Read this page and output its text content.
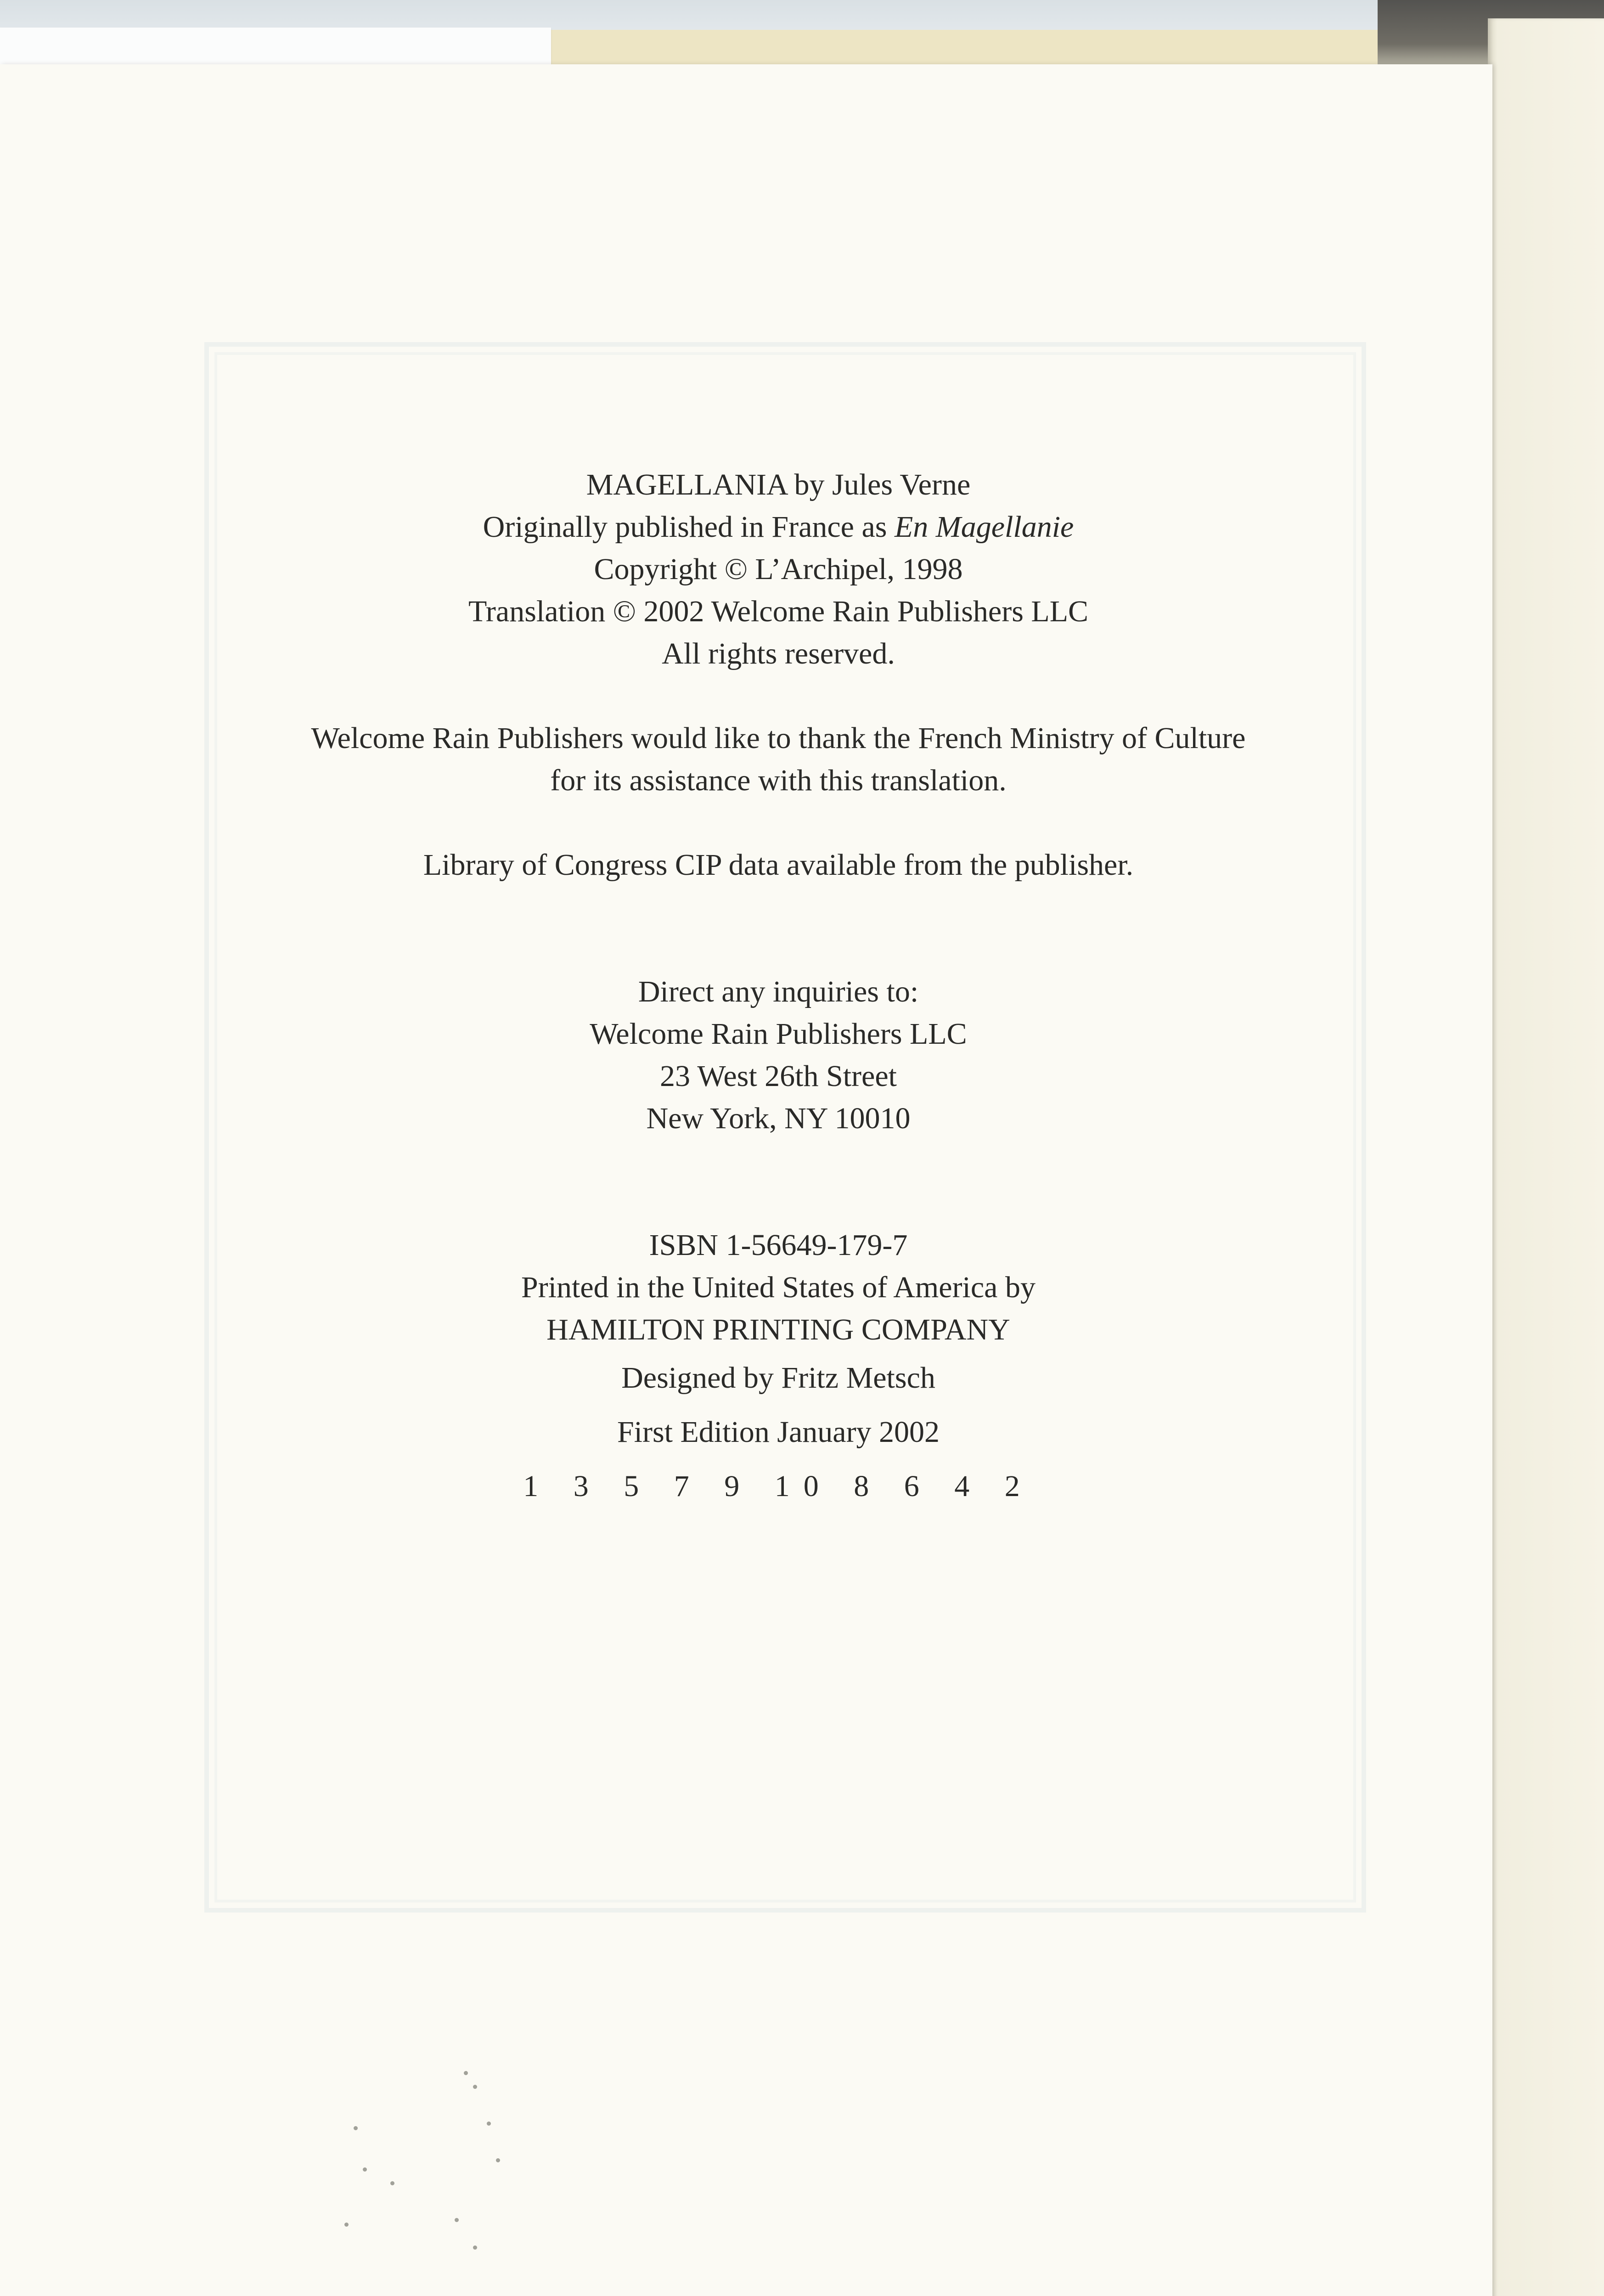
MAGELLANIA by Jules Verne
Originally published in France as En Magellanie
Copyright © L’Archipel, 1998
Translation © 2002 Welcome Rain Publishers LLC
All rights reserved.
Welcome Rain Publishers would like to thank the French Ministry of Culture
for its assistance with this translation.
Library of Congress CIP data available from the publisher.
Direct any inquiries to:
Welcome Rain Publishers LLC
23 West 26th Street
New York, NY 10010
ISBN 1-56649-179-7
Printed in the United States of America by
HAMILTON PRINTING COMPANY
Designed by Fritz Metsch
First Edition January 2002
1 3 5 7 9 10 8 6 4 2
